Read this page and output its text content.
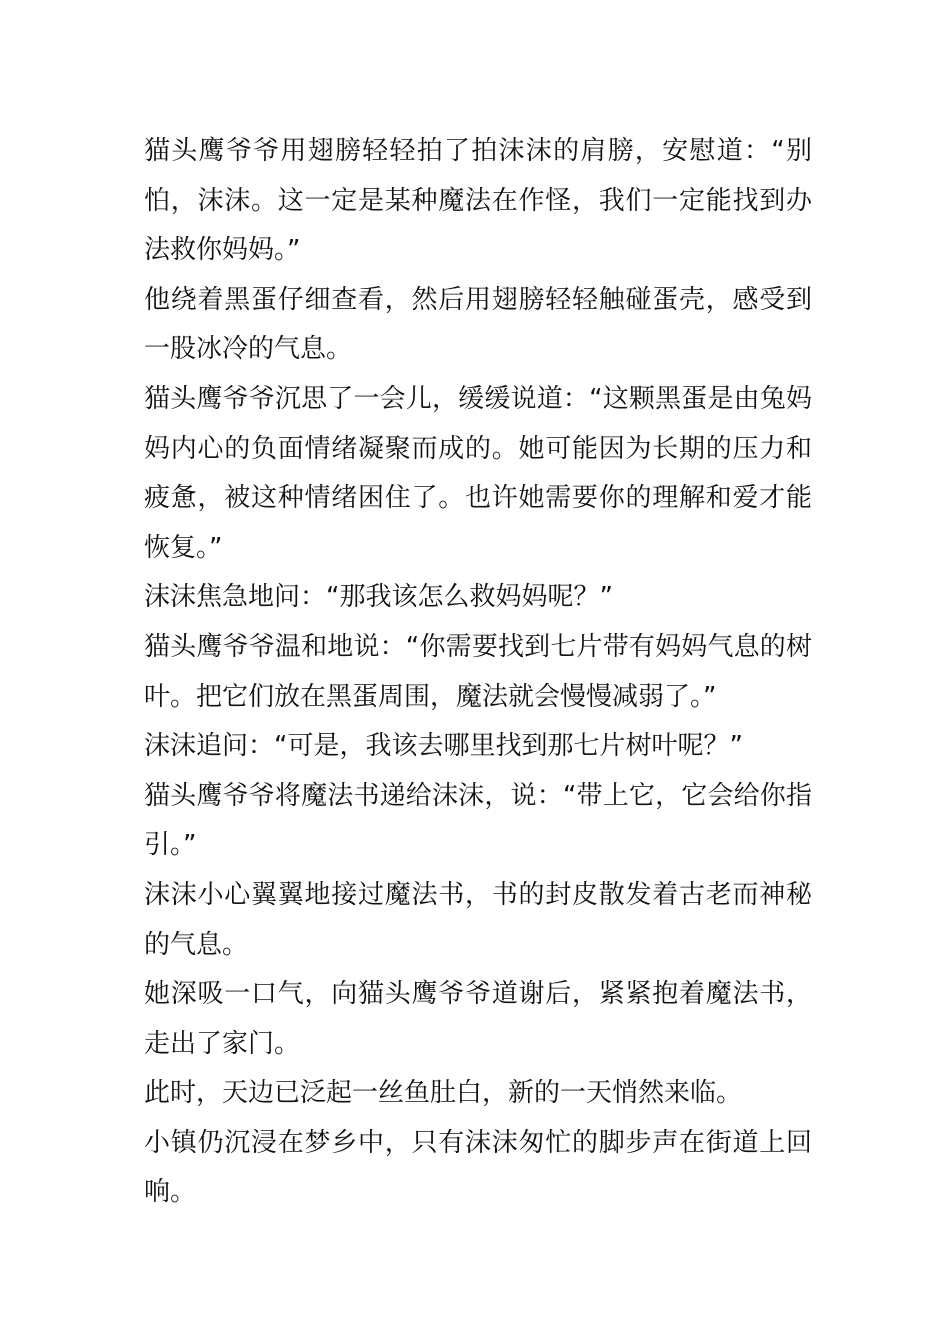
猫头鹰爷爷用翅膀轻轻拍了拍沫沫的肩膀，安慰道：“别怕，沫沫。这一定是某种魔法在作怪，我们一定能找到办法救你妈妈。”

他绕着黑蛋仔细查看，然后用翅膀轻轻触碰蛋壳，感受到一股冰冷的气息。

猫头鹰爷爷沉思了一会儿，缓缓说道：“这颗黑蛋是由兔妈妈内心的负面情绪凝聚而成的。她可能因为长期的压力和疲惫，被这种情绪困住了。也许她需要你的理解和爱才能恢复。”

沫沫焦急地问：“那我该怎么救妈妈呢？”

猫头鹰爷爷温和地说：“你需要找到七片带有妈妈气息的树叶。把它们放在黑蛋周围，魔法就会慢慢减弱了。”

沫沫追问：“可是，我该去哪里找到那七片树叶呢？”

猫头鹰爷爷将魔法书递给沫沫，说：“带上它，它会给你指引。”

沫沫小心翼翼地接过魔法书，书的封皮散发着古老而神秘的气息。

她深吸一口气，向猫头鹰爷爷道谢后，紧紧抱着魔法书，走出了家门。

此时，天边已泛起一丝鱼肚白，新的一天悄然来临。

小镇仍沉浸在梦乡中，只有沫沫匆忙的脚步声在街道上回响。
